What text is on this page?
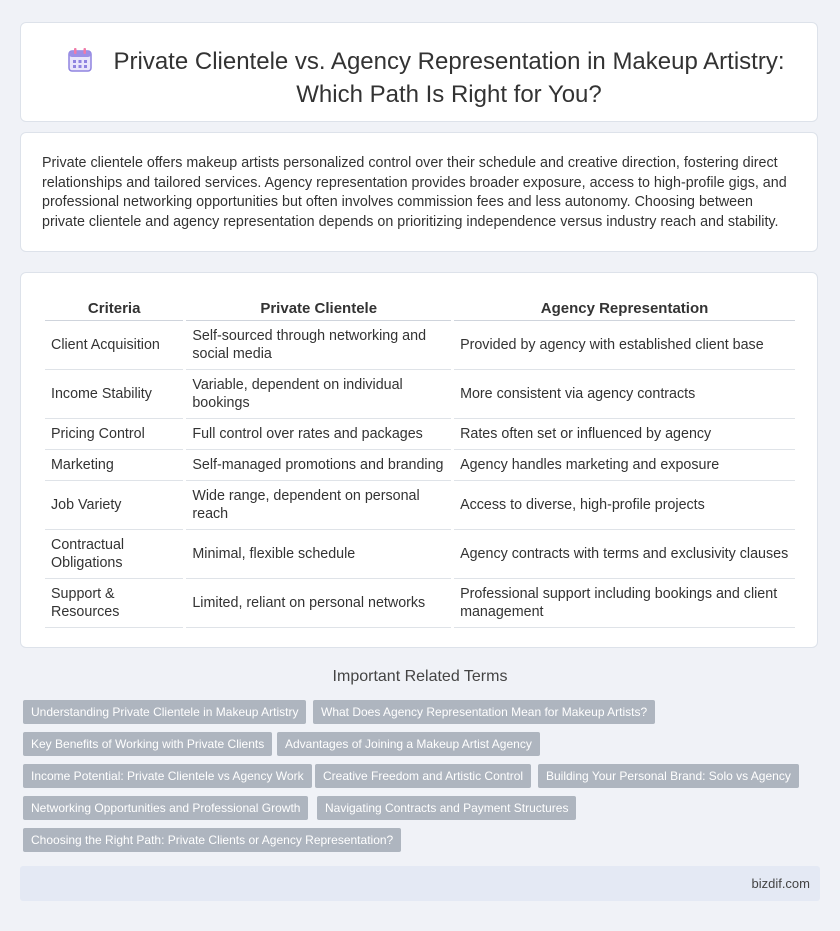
Private Clientele vs. Agency Representation in Makeup Artistry: Which Path Is Right for You?

Private clientele offers makeup artists personalized control over their schedule and creative direction, fostering direct relationships and tailored services. Agency representation provides broader exposure, access to high-profile gigs, and professional networking opportunities but often involves commission fees and less autonomy. Choosing between private clientele and agency representation depends on prioritizing independence versus industry reach and stability.

Criteria	Private Clientele	Agency Representation
Client Acquisition	Self-sourced through networking and social media	Provided by agency with established client base
Income Stability	Variable, dependent on individual bookings	More consistent via agency contracts
Pricing Control	Full control over rates and packages	Rates often set or influenced by agency
Marketing	Self-managed promotions and branding	Agency handles marketing and exposure
Job Variety	Wide range, dependent on personal reach	Access to diverse, high-profile projects
Contractual Obligations	Minimal, flexible schedule	Agency contracts with terms and exclusivity clauses
Support & Resources	Limited, reliant on personal networks	Professional support including bookings and client management
Important Related Terms
Understanding Private Clientele in Makeup Artistry	What Does Agency Representation Mean for Makeup Artists?
Key Benefits of Working with Private Clients	Advantages of Joining a Makeup Artist Agency
Income Potential: Private Clientele vs Agency Work	Creative Freedom and Artistic Control	Building Your Personal Brand: Solo vs Agency
Networking Opportunities and Professional Growth	Navigating Contracts and Payment Structures
Choosing the Right Path: Private Clients or Agency Representation?
bizdif.com
